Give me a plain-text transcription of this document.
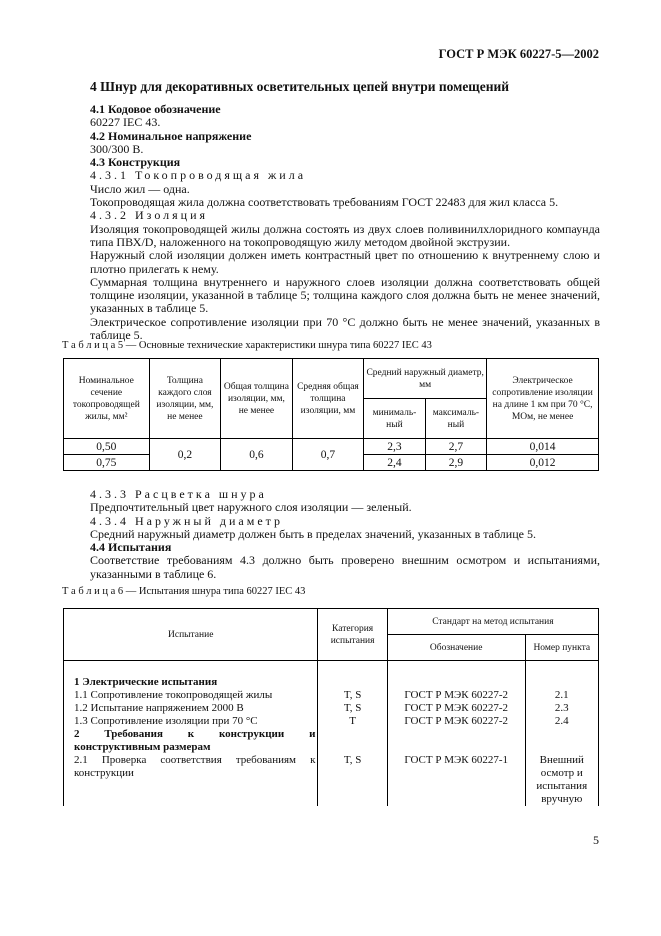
ГОСТ Р МЭК 60227-5—2002
4 Шнур для декоративных осветительных цепей внутри помещений

4.1 Кодовое обозначение

60227 IEC 43.

4.2 Номинальное напряжение

300/300 В.

4.3 Конструкция

4.3.1 Токопроводящая жила

Число жил — одна.

Токопроводящая жила должна соответствовать требованиям ГОСТ 22483 для жил класса 5.

4.3.2 Изоляция

Изоляция токопроводящей жилы должна состоять из двух слоев поливинилхлоридного компаунда типа ПВХ/D, наложенного на токопроводящую жилу методом двойной экструзии.

Наружный слой изоляции должен иметь контрастный цвет по отношению к внутреннему слою и плотно прилегать к нему.

Суммарная толщина внутреннего и наружного слоев изоляции должна соответствовать общей толщине изоляции, указанной в таблице 5; толщина каждого слоя должна быть не менее значений, указанных в таблице 5.

Электрическое сопротивление изоляции при 70 °С должно быть не менее значений, указанных в таблице 5.

Т а б л и ц а 5 — Основные технические характеристики шнура типа 60227 IEC 43
Номинальное сечение токопроводящей жилы, мм²	Толщина каждого слоя изоляции, мм, не менее	Общая толщина изоляции, мм, не менее	Средняя общая толщина изоляции, мм	Средний наружный диаметр, мм		Электрическое сопротивление изоляции на длине 1 км при 70 °С, МОм, не менее
				минималь-ный	максималь-ный	
0,50	0,2	0,6	0,7	2,3	2,7	0,014
0,75				2,4	2,9	0,012

4.3.3 Расцветка шнура

Предпочтительный цвет наружного слоя изоляции — зеленый.

4.3.4 Наружный диаметр

Средний наружный диаметр должен быть в пределах значений, указанных в таблице 5.

4.4 Испытания

Соответствие требованиям 4.3 должно быть проверено внешним осмотром и испытаниями, указанными в таблице 6.

Т а б л и ц а 6 — Испытания шнура типа 60227 IEC 43
Испытание	Категория испытания	Стандарт на метод испытания	
		Обозначение	Номер пункта
1 Электрические испытания			
1.1 Сопротивление токопроводящей жилы	T, S	ГОСТ Р МЭК 60227-2	2.1
1.2 Испытание напряжением 2000 В	T, S	ГОСТ Р МЭК 60227-2	2.3
1.3 Сопротивление изоляции при 70 °С	T	ГОСТ Р МЭК 60227-2	2.4
2 Требования к конструкции и конструктивным размерам			
2.1 Проверка соответствия требованиям к конструкции	T, S	ГОСТ Р МЭК 60227-1	Внешний осмотр и испытания вручную
5
